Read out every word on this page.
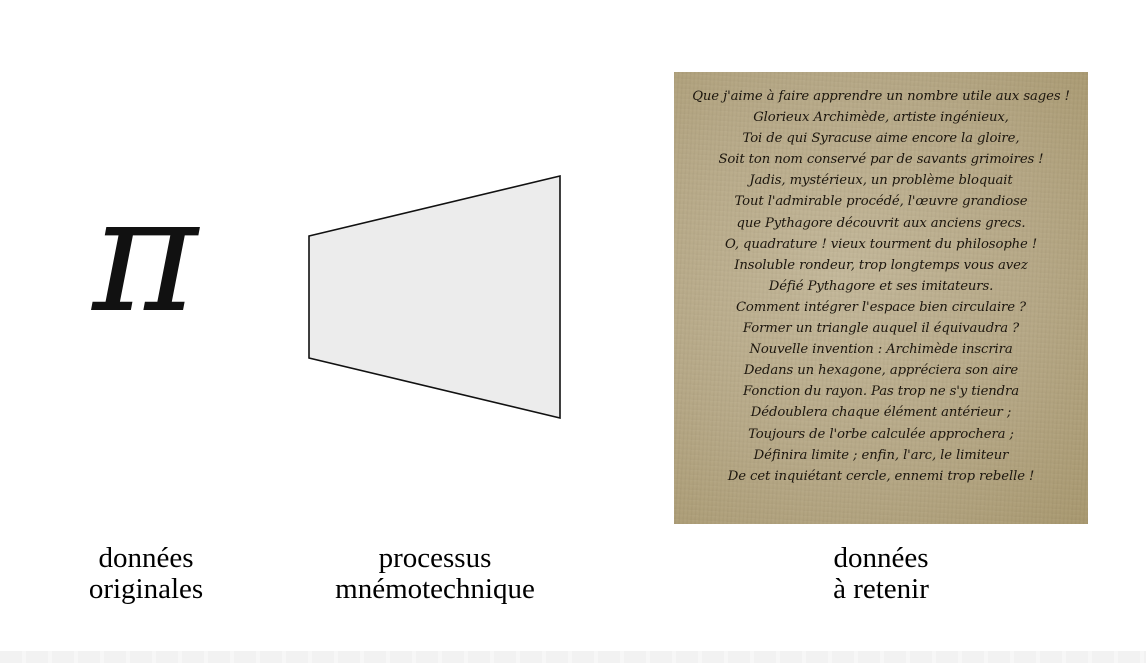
π
Que j'aime à faire apprendre un nombre utile aux sages !
Glorieux Archimède, artiste ingénieux,
Toi de qui Syracuse aime encore la gloire,
Soit ton nom conservé par de savants grimoires !
Jadis, mystérieux, un problème bloquait
Tout l'admirable procédé, l'œuvre grandiose
que Pythagore découvrit aux anciens grecs.
O, quadrature ! vieux tourment du philosophe !
Insoluble rondeur, trop longtemps vous avez
Défié Pythagore et ses imitateurs.
Comment intégrer l'espace bien circulaire ?
Former un triangle auquel il équivaudra ?
Nouvelle invention : Archimède inscrira
Dedans un hexagone, appréciera son aire
Fonction du rayon. Pas trop ne s'y tiendra
Dédoublera chaque élément antérieur ;
Toujours de l'orbe calculée approchera ;
Définira limite ; enfin, l'arc, le limiteur
De cet inquiétant cercle, ennemi trop rebelle !
données
originales
processus
mnémotechnique
données
à retenir
